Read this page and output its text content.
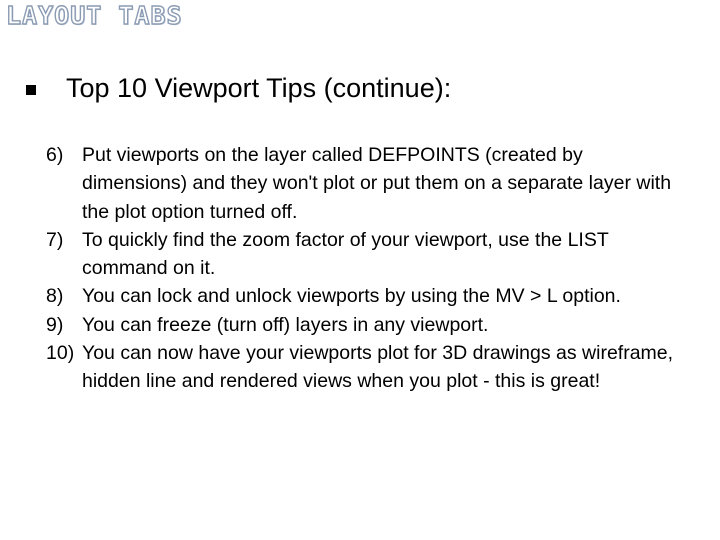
LAYOUT TABS
Top 10 Viewport Tips (continue):
6) Put viewports on the layer called DEFPOINTS (created by dimensions) and they won't plot or put them on a separate layer with the plot option turned off.
7) To quickly find the zoom factor of your viewport, use the LIST command on it.
8) You can lock and unlock viewports by using the MV > L option.
9) You can freeze (turn off) layers in any viewport.
10) You can now have your viewports plot for 3D drawings as wireframe, hidden line and rendered views when you plot - this is great!
